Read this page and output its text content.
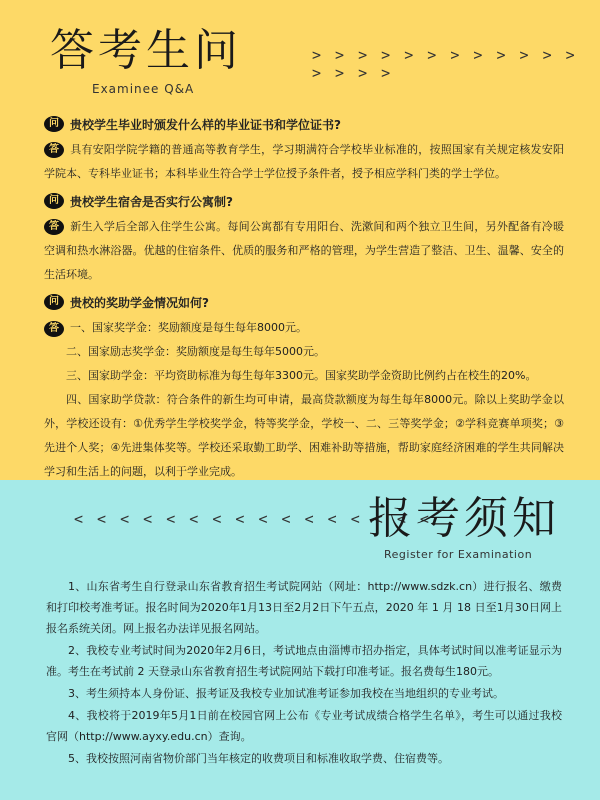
答考生问
Examinee Q&A
> > > > > > > > > > > > > > > >
问 贵校学生毕业时颁发什么样的毕业证书和学位证书?

答 具有安阳学院学籍的普通高等教育学生，学习期满符合学校毕业标准的，按照国家有关规定核发安阳学院本、专科毕业证书；本科毕业生符合学士学位授予条件者，授予相应学科门类的学士学位。

问 贵校学生宿舍是否实行公寓制?

答 新生入学后全部入住学生公寓。每间公寓都有专用阳台、洗漱间和两个独立卫生间，另外配备有冷暖空调和热水淋浴器。优越的住宿条件、优质的服务和严格的管理，为学生营造了整洁、卫生、温馨、安全的生活环境。

问 贵校的奖助学金情况如何?
答 一、国家奖学金：奖励额度是每生每年8000元。
二、国家励志奖学金：奖励额度是每生每年5000元。
三、国家助学金：平均资助标准为每生每年3300元。国家奖助学金资助比例约占在校生的20%。
四、国家助学贷款：符合条件的新生均可申请，最高贷款额度为每生每年8000元。除以上奖助学金以外，学校还设有：①优秀学生学校奖学金，特等奖学金，学校一、二、三等奖学金；②学科竞赛单项奖；③先进个人奖；④先进集体奖等。学校还采取勤工助学、困难补助等措施，帮助家庭经济困难的学生共同解决学习和生活上的问题，以利于学业完成。
< < < < < < < < < < < < < < < <
报考须知
Register for Examination

1、山东省考生自行登录山东省教育招生考试院网站（网址：http://www.sdzk.cn）进行报名、缴费和打印校考准考证。报名时间为2020年1月13日至2月2日下午五点，2020 年 1 月 18 日至1月30日网上报名系统关闭。网上报名办法详见报名网站。

2、我校专业考试时间为2020年2月6日，考试地点由淄博市招办指定，具体考试时间以准考证显示为准。考生在考试前 2 天登录山东省教育招生考试院网站下载打印准考证。报名费每生180元。

3、考生须持本人身份证、报考证及我校专业加试准考证参加我校在当地组织的专业考试。

4、我校将于2019年5月1日前在校园官网上公布《专业考试成绩合格学生名单》，考生可以通过我校官网（http://www.ayxy.edu.cn）查询。

5、我校按照河南省物价部门当年核定的收费项目和标准收取学费、住宿费等。
